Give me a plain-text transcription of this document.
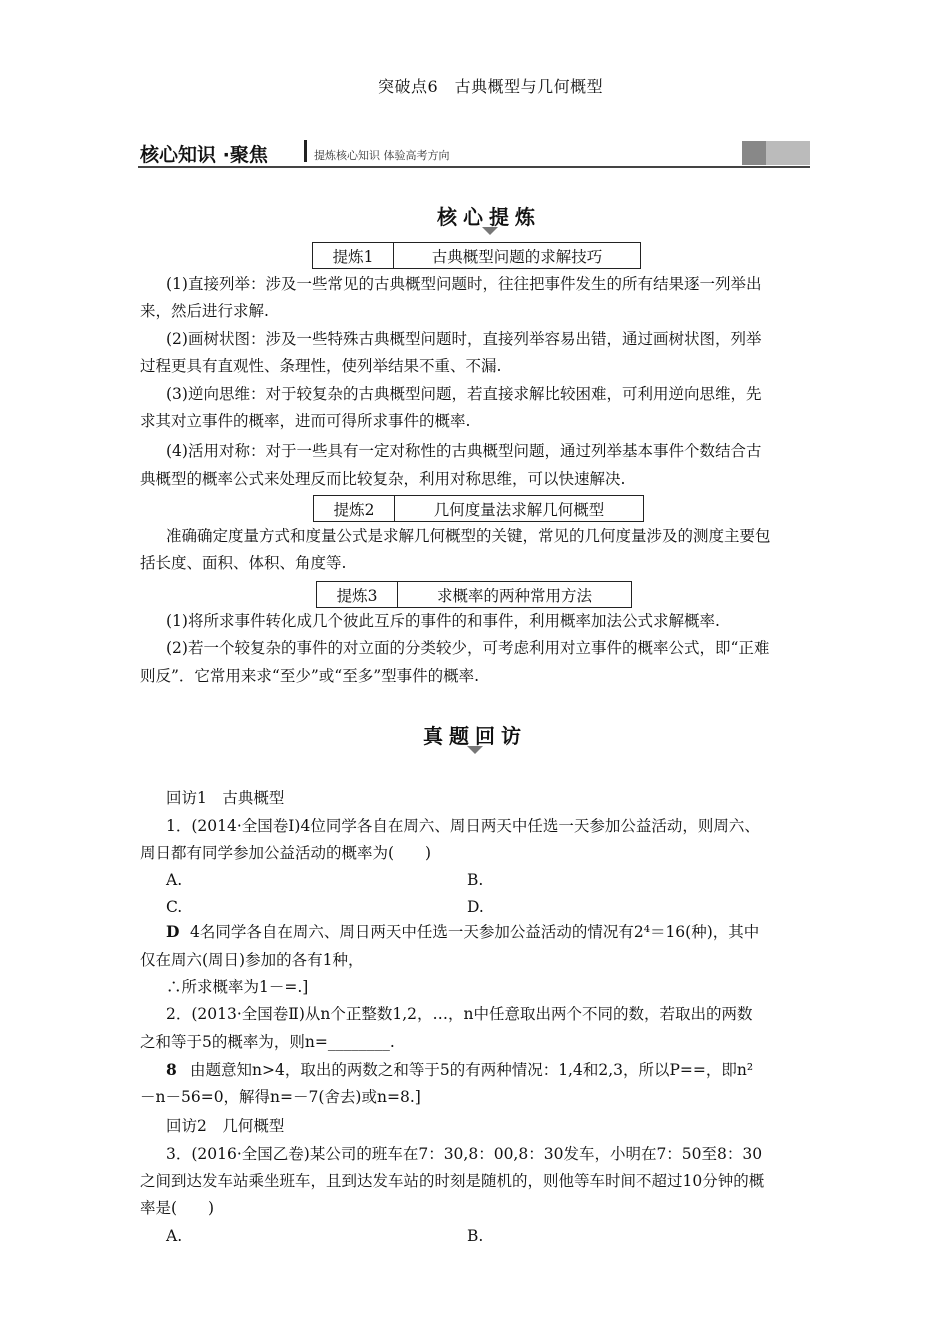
突破点6　古典概型与几何概型
核心知识 ·聚焦	提炼核心知识 体验高考方向
核心提炼
提炼1	古典概型问题的求解技巧
(1)直接列举：涉及一些常见的古典概型问题时，往往把事件发生的所有结果逐一列举出
来，然后进行求解.
(2)画树状图：涉及一些特殊古典概型问题时，直接列举容易出错，通过画树状图，列举
过程更具有直观性、条理性，使列举结果不重、不漏.
(3)逆向思维：对于较复杂的古典概型问题，若直接求解比较困难，可利用逆向思维，先
求其对立事件的概率，进而可得所求事件的概率.
(4)活用对称：对于一些具有一定对称性的古典概型问题，通过列举基本事件个数结合古
典概型的概率公式来处理反而比较复杂，利用对称思维，可以快速解决.
提炼2	几何度量法求解几何概型
准确确定度量方式和度量公式是求解几何概型的关键，常见的几何度量涉及的测度主要包
括长度、面积、体积、角度等.
提炼3	求概率的两种常用方法
(1)将所求事件转化成几个彼此互斥的事件的和事件，利用概率加法公式求解概率.
(2)若一个较复杂的事件的对立面的分类较少，可考虑利用对立事件的概率公式，即“正难
则反”．它常用来求“至少”或“至多”型事件的概率.
真题回访
回访1　古典概型
1．(2014·全国卷Ⅰ)4位同学各自在周六、周日两天中任选一天参加公益活动，则周六、
周日都有同学参加公益活动的概率为(　　)
A.	B.
C.	D.
D 4名同学各自在周六、周日两天中任选一天参加公益活动的情况有2⁴＝16(种)，其中
仅在周六(周日)参加的各有1种，
∴所求概率为1－=.]
2．(2013·全国卷Ⅱ)从n个正整数1,2，…，n中任意取出两个不同的数，若取出的两数
之和等于5的概率为，则n=________.
8 由题意知n>4，取出的两数之和等于5的有两种情况：1,4和2,3，所以P==，即n²
－n－56=0，解得n=－7(舍去)或n=8.]
回访2　几何概型
3．(2016·全国乙卷)某公司的班车在7：30,8：00,8：30发车，小明在7：50至8：30
之间到达发车站乘坐班车，且到达发车站的时刻是随机的，则他等车时间不超过10分钟的概
率是(　　)
A.	B.
